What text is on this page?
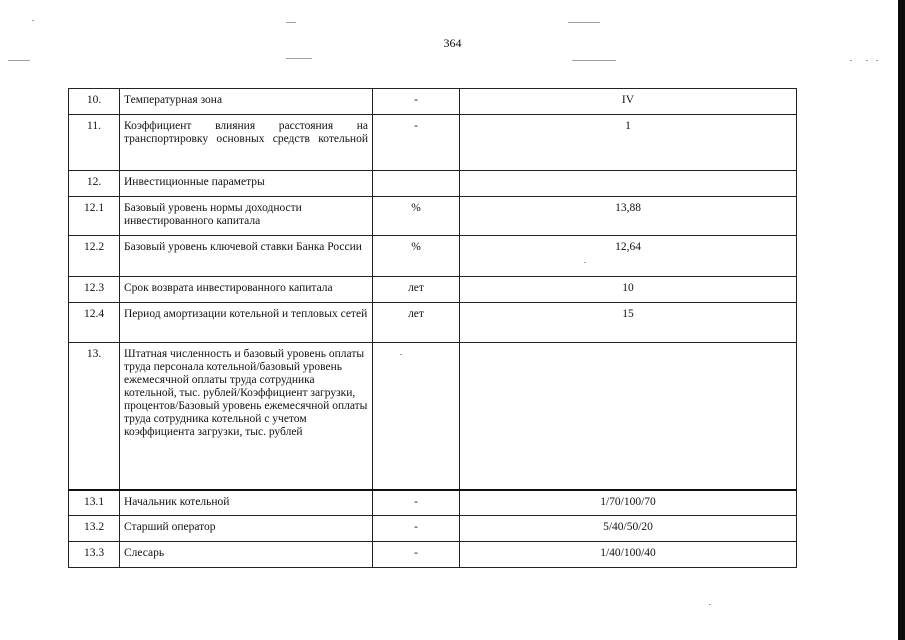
364
10.	Температурная зона	-	IV
11.	Коэффициент влияния расстояния на транспортировку основных средств котельной	-	1
12.	Инвестиционные параметры		
12.1	Базовый уровень нормы доходности инвестированного капитала	%	13,88
12.2	Базовый уровень ключевой ставки Банка России	%	12,64
12.3	Срок возврата инвестированного капитала	лет	10
12.4	Период амортизации котельной и тепловых сетей	лет	15
13.	Штатная численность и базовый уровень оплаты труда персонала котельной/базовый уровень ежемесячной оплаты труда сотрудника котельной, тыс. рублей/Коэффициент загрузки, процентов/Базовый уровень ежемесячной оплаты труда сотрудника котельной с учетом коэффициента загрузки, тыс. рублей		
13.1	Начальник котельной	-	1/70/100/70
13.2	Старший оператор	-	5/40/50/20
13.3	Слесарь	-	1/40/100/40
